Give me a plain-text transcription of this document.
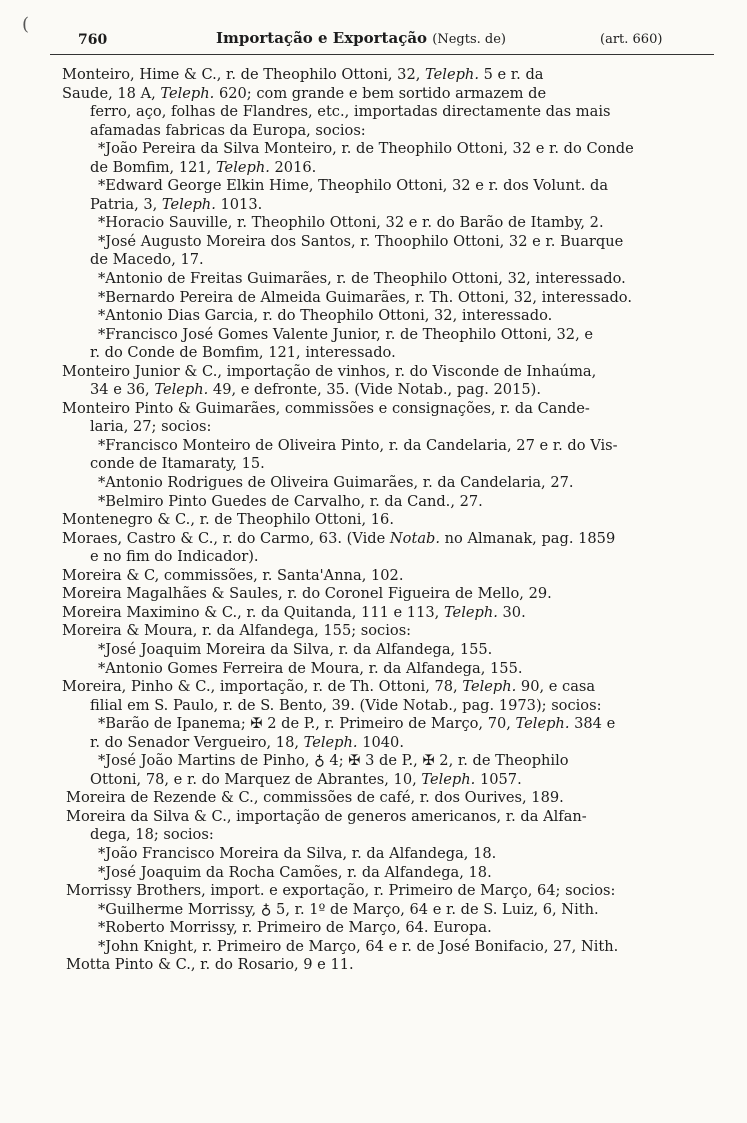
(
760	Importação e Exportação (Negts. de)	(art. 660)
Monteiro, Hime & C., r. de Theophilo Ottoni, 32, Teleph. 5 e r. da
Saude, 18 A, Teleph. 620; com grande e bem sortido armazem de
ferro, aço, folhas de Flandres, etc., importadas directamente das mais
afamadas fabricas da Europa, socios:
*João Pereira da Silva Monteiro, r. de Theophilo Ottoni, 32 e r. do Conde
de Bomfim, 121, Teleph. 2016.
*Edward George Elkin Hime, Theophilo Ottoni, 32 e r. dos Volunt. da
Patria, 3, Teleph. 1013.
*Horacio Sauville, r. Theophilo Ottoni, 32 e r. do Barão de Itamby, 2.
*José Augusto Moreira dos Santos, r. Thoophilo Ottoni, 32 e r. Buarque
de Macedo, 17.
*Antonio de Freitas Guimarães, r. de Theophilo Ottoni, 32, interessado.
*Bernardo Pereira de Almeida Guimarães, r. Th. Ottoni, 32, interessado.
*Antonio Dias Garcia, r. do Theophilo Ottoni, 32, interessado.
*Francisco José Gomes Valente Junior, r. de Theophilo Ottoni, 32, e
r. do Conde de Bomfim, 121, interessado.
Monteiro Junior & C., importação de vinhos, r. do Visconde de Inhaúma,
34 e 36, Teleph. 49, e defronte, 35. (Vide Notab., pag. 2015).
Monteiro Pinto & Guimarães, commissões e consignações, r. da Cande-
laria, 27; socios:
*Francisco Monteiro de Oliveira Pinto, r. da Candelaria, 27 e r. do Vis-
conde de Itamaraty, 15.
*Antonio Rodrigues de Oliveira Guimarães, r. da Candelaria, 27.
*Belmiro Pinto Guedes de Carvalho, r. da Cand., 27.
Montenegro & C., r. de Theophilo Ottoni, 16.
Moraes, Castro & C., r. do Carmo, 63. (Vide Notab. no Almanak, pag. 1859
e no fim do Indicador).
Moreira & C, commissões, r. Santa'Anna, 102.
Moreira Magalhães & Saules, r. do Coronel Figueira de Mello, 29.
Moreira Maximino & C., r. da Quitanda, 111 e 113, Teleph. 30.
Moreira & Moura, r. da Alfandega, 155; socios:
*José Joaquim Moreira da Silva, r. da Alfandega, 155.
*Antonio Gomes Ferreira de Moura, r. da Alfandega, 155.
Moreira, Pinho & C., importação, r. de Th. Ottoni, 78, Teleph. 90, e casa
filial em S. Paulo, r. de S. Bento, 39. (Vide Notab., pag. 1973); socios:
*Barão de Ipanema; ✠ 2 de P., r. Primeiro de Março, 70, Teleph. 384 e
r. do Senador Vergueiro, 18, Teleph. 1040.
*José João Martins de Pinho, ♁ 4; ✠ 3 de P., ✠ 2, r. de Theophilo
Ottoni, 78, e r. do Marquez de Abrantes, 10, Teleph. 1057.
Moreira de Rezende & C., commissões de café, r. dos Ourives, 189.
Moreira da Silva & C., importação de generos americanos, r. da Alfan-
dega, 18; socios:
*João Francisco Moreira da Silva, r. da Alfandega, 18.
*José Joaquim da Rocha Camões, r. da Alfandega, 18.
Morrissy Brothers, import. e exportação, r. Primeiro de Março, 64; socios:
*Guilherme Morrissy, ♁ 5, r. 1º de Março, 64 e r. de S. Luiz, 6, Nith.
*Roberto Morrissy, r. Primeiro de Março, 64. Europa.
*John Knight, r. Primeiro de Março, 64 e r. de José Bonifacio, 27, Nith.
Motta Pinto & C., r. do Rosario, 9 e 11.
